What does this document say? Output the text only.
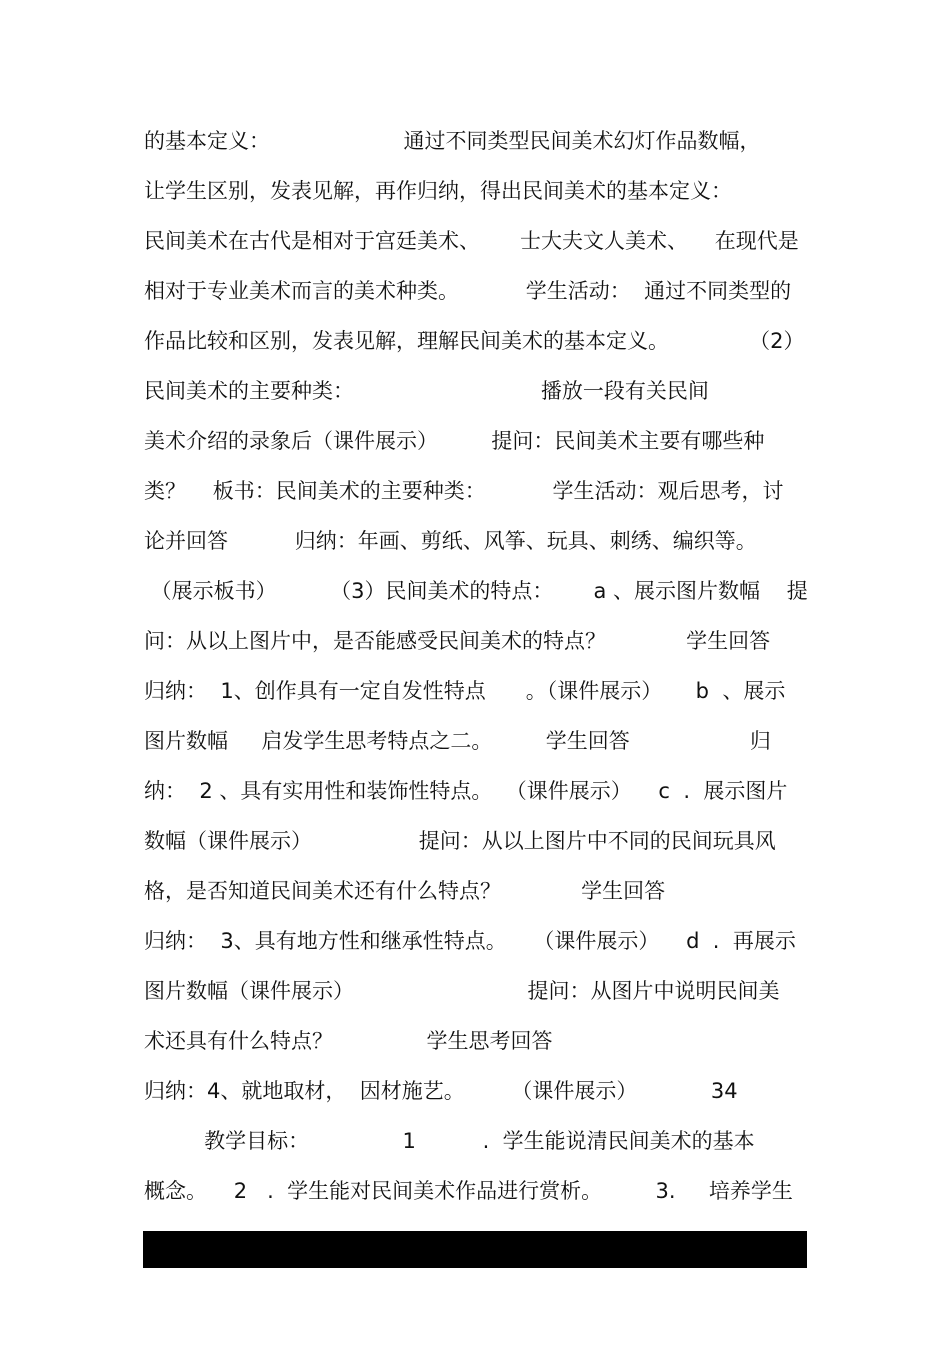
的基本定义：                    通过不同类型民间美术幻灯作品数幅，
让学生区别，发表见解，再作归纳，得出民间美术的基本定义：
民间美术在古代是相对于宫廷美术、      士大夫文人美术、    在现代是
相对于专业美术而言的美术种类。          学生活动：  通过不同类型的
作品比较和区别，发表见解，理解民间美术的基本定义。            （2）
民间美术的主要种类：                            播放一段有关民间
美术介绍的录象后（课件展示）        提问：民间美术主要有哪些种
类？    板书：民间美术的主要种类：          学生活动：观后思考，讨
论并回答          归纳：年画、剪纸、风筝、玩具、刺绣、编织等。
（展示板书）        （3）民间美术的特点：      a 、展示图片数幅    提
问：从以上图片中，是否能感受民间美术的特点？            学生回答
归纳：  1、创作具有一定自发性特点      。（课件展示）     b  、展示
图片数幅     启发学生思考特点之二。        学生回答                  归
纳：  2 、具有实用性和装饰性特点。  （课件展示）    c  .  展示图片
数幅（课件展示）                提问：从以上图片中不同的民间玩具风
格，是否知道民间美术还有什么特点？            学生回答
归纳：  3、具有地方性和继承性特点。    （课件展示）    d  .  再展示
图片数幅（课件展示）                          提问：从图片中说明民间美
术还具有什么特点？              学生思考回答
归纳：4、就地取材，  因材施艺。       （课件展示）           34
教学目标：              1          .  学生能说清民间美术的基本
概念。    2   .  学生能对民间美术作品进行赏析。        3.     培养学生
